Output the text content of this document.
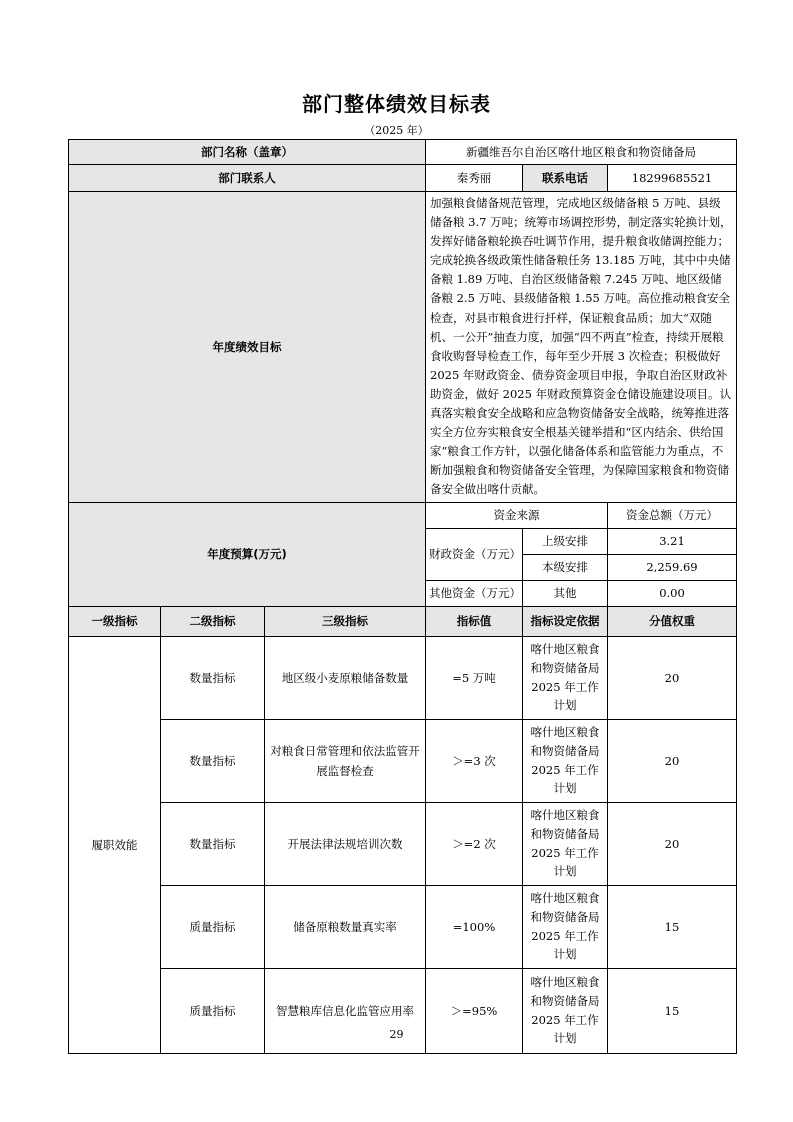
部门整体绩效目标表
（2025 年）
部门名称（盖章）			新疆维吾尔自治区喀什地区粮食和物资储备局		
部门联系人			秦秀丽	联系电话	18299685521
年度绩效目标			加强粮食储备规范管理，完成地区级储备粮 5 万吨、县级储备粮 3.7 万吨；统筹市场调控形势，制定落实轮换计划，发挥好储备粮轮换吞吐调节作用，提升粮食收储调控能力；完成轮换各级政策性储备粮任务 13.185 万吨，其中中央储备粮 1.89 万吨、自治区级储备粮 7.245 万吨、地区级储备粮 2.5 万吨、县级储备粮 1.55 万吨。高位推动粮食安全检查，对县市粮食进行扦样，保证粮食品质；加大“双随机、一公开”抽查力度，加强“四不两直”检查，持续开展粮食收购督导检查工作，每年至少开展 3 次检查；积极做好 2025 年财政资金、债券资金项目申报，争取自治区财政补助资金，做好 2025 年财政预算资金仓储设施建设项目。认真落实粮食安全战略和应急物资储备安全战略，统筹推进落实全方位夯实粮食安全根基关键举措和“区内结余、供给国家”粮食工作方针，以强化储备体系和监管能力为重点，不断加强粮食和物资储备安全管理，为保障国家粮食和物资储备安全做出喀什贡献。		
年度预算(万元)			资金来源		资金总额（万元）
			财政资金（万元）	上级安排	3.21
				本级安排	2,259.69
			其他资金（万元）	其他	0.00
一级指标	二级指标	三级指标	指标值	指标设定依据	分值权重
履职效能	数量指标	地区级小麦原粮储备数量	=5 万吨	喀什地区粮食和物资储备局 2025 年工作计划	20
	数量指标	对粮食日常管理和依法监管开展监督检查	＞=3 次	喀什地区粮食和物资储备局 2025 年工作计划	20
	数量指标	开展法律法规培训次数	＞=2 次	喀什地区粮食和物资储备局 2025 年工作计划	20
	质量指标	储备原粮数量真实率	=100%	喀什地区粮食和物资储备局 2025 年工作计划	15
	质量指标	智慧粮库信息化监管应用率	＞=95%	喀什地区粮食和物资储备局 2025 年工作计划	15
29
